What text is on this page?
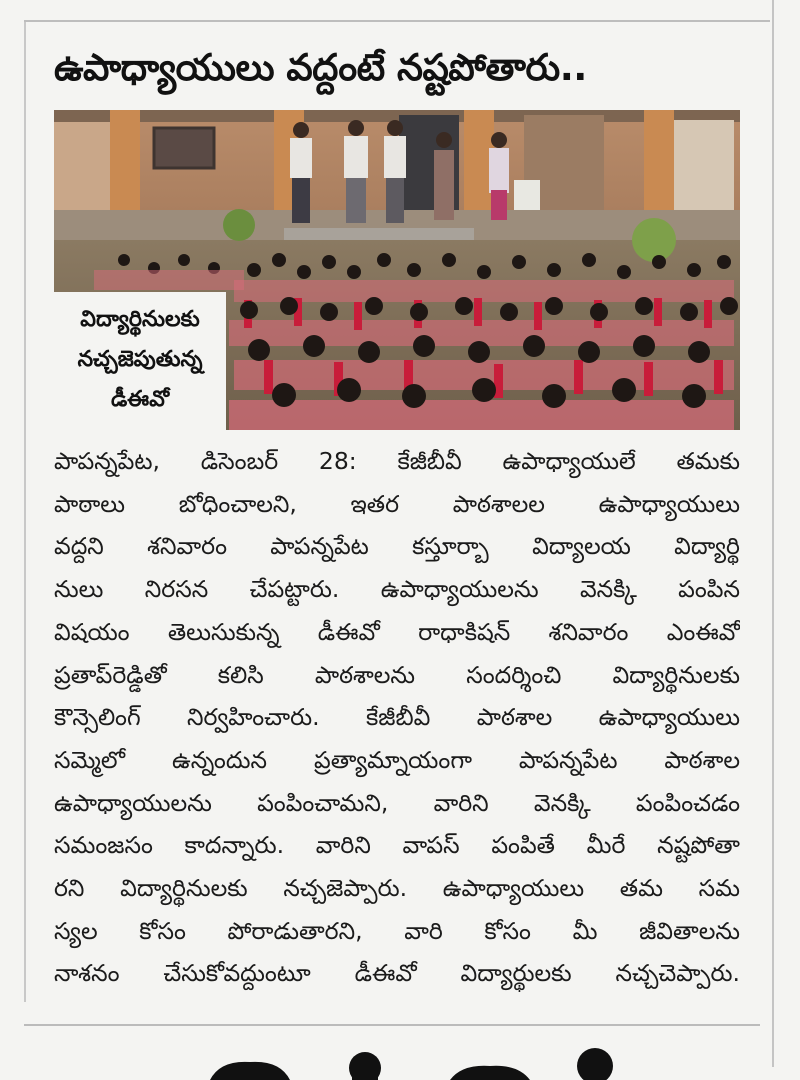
ఉపాధ్యాయులు వద్దంటే నష్టపోతారు..
విద్యార్థినులకు
నచ్చజెపుతున్న
డీఈవో
పాపన్నపేట, డిసెంబర్ 28: కేజీబీవీ ఉపాధ్యాయులే తమకు
పాఠాలు బోధించాలని, ఇతర పాఠశాలల ఉపాధ్యాయులు
వద్దని శనివారం పాపన్నపేట కస్తూర్బా విద్యాలయ విద్యార్థి
నులు నిరసన చేపట్టారు. ఉపాధ్యాయులను వెనక్కి పంపిన
విషయం తెలుసుకున్న డీఈవో రాధాకిషన్ శనివారం ఎంఈవో
ప్రతాప్‌రెడ్డితో కలిసి పాఠశాలను సందర్శించి విద్యార్థినులకు
కౌన్సెలింగ్ నిర్వహించారు. కేజీబీవీ పాఠశాల ఉపాధ్యాయులు
సమ్మెలో ఉన్నందున ప్రత్యామ్నాయంగా పాపన్నపేట పాఠశాల
ఉపాధ్యాయులను పంపించామని, వారిని వెనక్కి పంపించడం
సమంజసం కాదన్నారు. వారిని వాపస్ పంపితే మీరే నష్టపోతా
రని విద్యార్థినులకు నచ్చజెప్పారు. ఉపాధ్యాయులు తమ సమ
స్యల కోసం పోరాడుతారని, వారి కోసం మీ జీవితాలను
నాశనం చేసుకోవద్దుంటూ డీఈవో విద్యార్థులకు నచ్చచెప్పారు.
